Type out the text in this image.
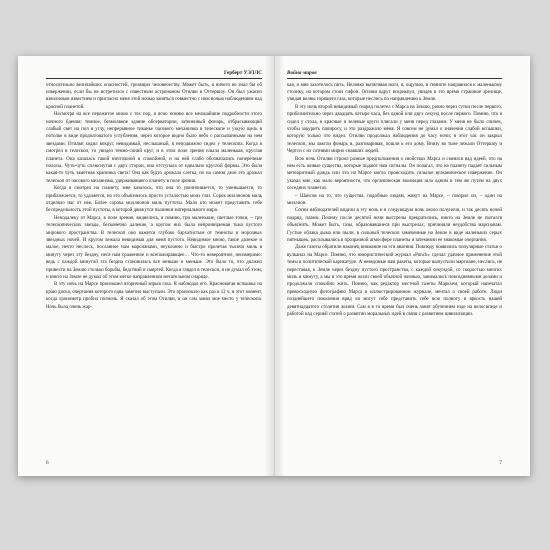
Герберт УЭЛЛС

относительно величайших опасностей, грозящих человечеству. Может быть, я ничего не знал бы об извержении, если бы не встретился с известным астрономом Огилви в Оттершоу. Он был ужасно взволнован известием и пригласил меня этой ночью заняться совместно с ним ночью наблюдением над красной планетой.

Несмотря на все пережитое мною с тех пор, я ясно помню все мельчайшие подробности этого ночного бдения: темное, безмолвное здание обсерватории, затененный фонарь, отбрасывающий слабый свет на пол в углу, непрерывное тиканье часового механизма в телескопе и узкую щель в потолке в виде продолговатого углубления, через которое видно было небо с рассыпанными на нем звездами. Огилви ходил вокруг, невидимый, неслышный, я неподвижно сидел у телескопа. Когда я смотрел в телескоп, то увидел темно-синий круг, и в этом поле зрения плыла маленькая, круглая планета. Она казалась такой ничтожной и спокойной, и на ней слабо обозначались поперечные полосы. Чуть-чуть сплюснутая с двух сторон, она отступала от идеально круглой формы. Это была какая-то чуть заметная крапинка света! Она как будто дрожала слегка, но на самом деле это дрожал телескоп от часового механизма, удерживавшего планету в поле зрения.

Когда я смотрел на планету, мне казалось, что она то увеличивается, то уменьшается, то приближается, то удаляется, но это объяснялось просто усталостью моих глаз. Сорок миллионов миль отделяло нас от нее. Более сорока миллионов миль пустоты. Мало кто может представить себе беспредельность этой пустоты, в которой движутся пылинки материального мира.

Неподалеку от Марса, в поле зрения, виднелись, я помню, три маленькие, светлые точки, – три телескопических звезды, бесконечно далекие, а кругом них была непроницаемая тьма пустого мирового пространства. В телескоп оно кажется глубоко бархатистым от темноты и морозных звездных ночей. И кругом лежала невидимая для меня пустота. Невидимое мною, такое далекое и малое, нечто неслось, посланное нам марсианами, неуклонно и быстро пролетая тысячи миль в минуту через эту бездну, неся нам сраженное и всепожирающее… Что-то невероятное, неизмеримо: ведь с каждой минутой эта бездна становилась все меньше и меньше. Это было то, что должно принести на Землю столько борьбы, бедствий и смертей. Когда я глядел в телескоп, я не думал об этом, и никто на Земле не думал об этом метко направленном метательном снаряде.

В эту ночь на Марсе произошел вторичный взрыв газа. Я наблюдал его. Красноватая вспышка на краю диска, очертания которого едва заметно выступали. Это произошло как раз в 12 ч, в этот момент, когда хронометр пробил полночь. Я сказал об этом Огилви, и он сам занял мое место у телескопа. Ночь была очень жар-

6
Война миров

кая, и мне захотелось пить. Неловко вытягивая ноги, я, ощупью, в темноте направился к маленькому столику, на котором стоял сифон. Огилви вдруг вскрикнул, увидев в это время страшное зрелище, увидав волны горящего газа, которые неслись по направлению к Земле.

В эту ночь второй невидимый снаряд полетел с Марса на Землю, ровно через сутки после первого, приблизительно через двадцать четыре часа, без одной или двух секунд после первого. Помню, что я сидел у стола, и красные и зеленые круги плясали у меня перед глазами. У меня не было спичек, чтобы закурить папиросу, и это раздражало меня. Я совсем не думал о значении слабой вспышки, которую только что видел. Огилви продолжал наблюдения до часу ночи; в этот час он закрыл телескоп, мы зажгли фонарь и, разговаривая, пошли к его дому. Внизу во тьме лежали Оттершоу и Чертси с их сотнями мирно спавших людей.

Всю ночь Огилви строил разные предположения о свойствах Марса и смеялся над идеей, что на нем есть живые существа, которые подают нам сигналы. Он полагал, что на планету падает сильным метеоритный дождь или что на Марсе могло происходить сильное вулканическое извержение. Он указал мне, как мало вероятности, что органическая эволюция шла одним и тем же путем на двух соседних планетах.

– Шансов на то, что существа, подобные людям, живут на Марсе, – говорил он, – один на миллион.

Сотни наблюдателей видели в эту ночь и в следующую ночь около полуночи, и так десять ночей подряд, пламя. Почему после десятой ночи выстрелы прекратились, никто на Земле не пытался объяснить. Может быть, газы, образовавшиеся при выстрелах, причиняли неудобства марсианам. Густые облака дыма или пыли, в сильный телескоп замеченные на Земле в виде маленьких серых пятнышек, расплывались в прозрачной атмосфере планеты и затемняли ее знакомые очертания.

Даже газеты обратили наконец внимание на эти явления. Повсюду появились популярные статьи о вулканах на Марсе. Помню, что юмористический журнал «Punch» сделал удачное применение этой темы в политической карикатуре. А неведомые нам ракеты, которые выпустили марсиане, неслись, не переставая, к Земле через бездну пустого пространства, с каждой секундой, со скоростью многих миль в минуту, а мы в это время жили своей обычной жизнью, занимались повседневными делами и продолжали спокойно жить. Помню, как редактор местной газеты Маркхем, который напечатал превосходную фотографию Марса в иллюстрированном журнале, мечтал о своей работе. Люди позднейшего поколения вряд ли могут себе представить себе всю полноту и яркость нашей девятнадцатого столетия жизни. Сам я в то время был очень занят обучением езде на велосипеде и работой над серией статей о развитии моральных идей в связи с развитием цивилизации.

7
